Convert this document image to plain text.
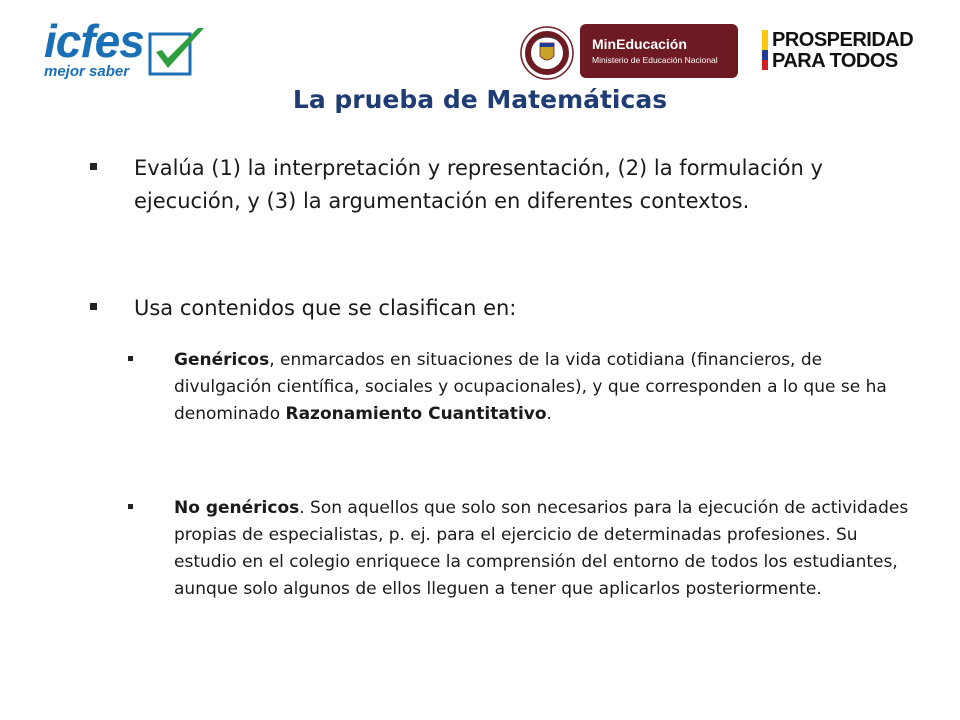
icfes
mejor saber
MinEducación
Ministerio de Educación Nacional
PROSPERIDAD
PARA TODOS
La prueba de Matemáticas
Evalúa (1) la interpretación y representación, (2) la formulación y ejecución, y (3) la argumentación en diferentes contextos.
Usa contenidos que se clasifican en:
Genéricos, enmarcados en situaciones de la vida cotidiana (financieros, de divulgación científica, sociales y ocupacionales), y que corresponden a lo que se ha denominado Razonamiento Cuantitativo.
No genéricos. Son aquellos que solo son necesarios para la ejecución de actividades propias de especialistas, p. ej. para el ejercicio de determinadas profesiones. Su estudio en el colegio enriquece la comprensión del entorno de todos los estudiantes, aunque solo algunos de ellos lleguen a tener que aplicarlos posteriormente.
